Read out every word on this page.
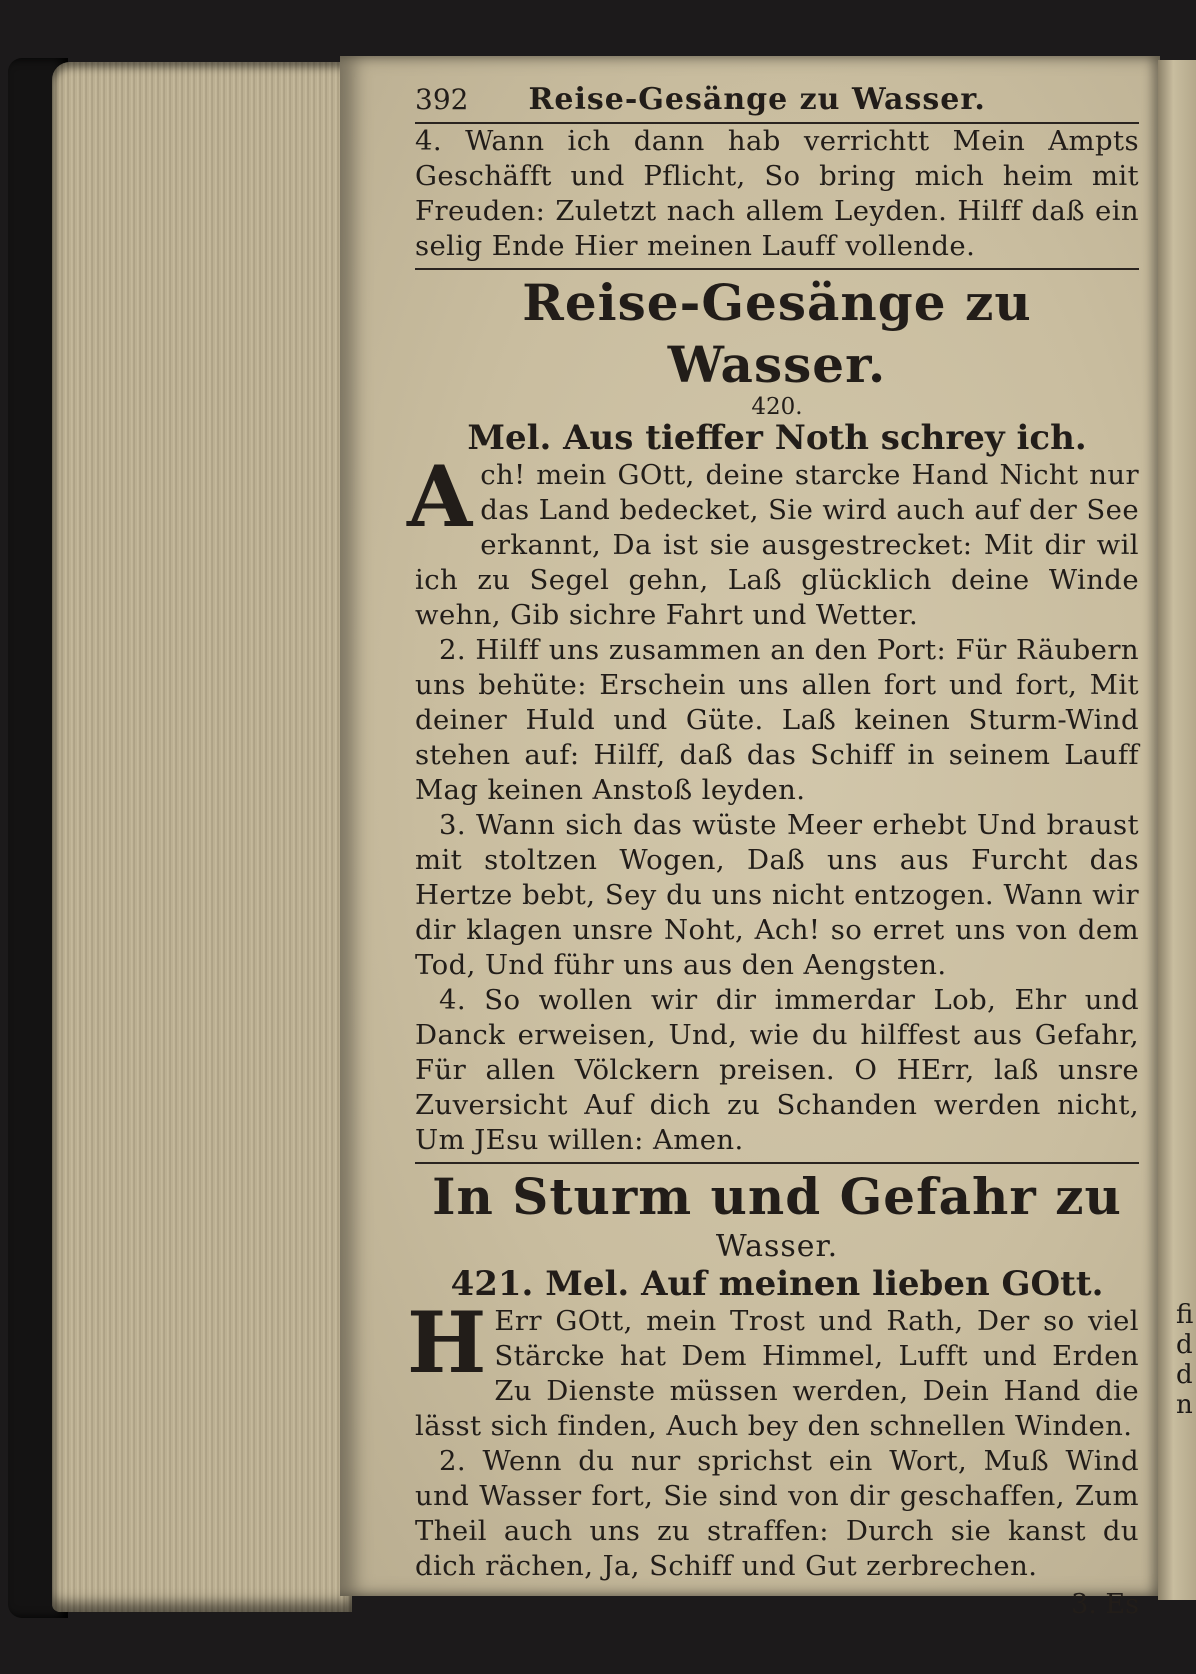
fi
d
d
n
392 Reise-Gesänge zu Wasser.

4. Wann ich dann hab verrichtt Mein Ampts Geschäfft und Pflicht, So bring mich heim mit Freuden: Zuletzt nach allem Leyden. Hilff daß ein selig Ende Hier meinen Lauff vollende.

Reise-Gesänge zu Wasser.
420.
Mel. Aus tieffer Noth schrey ich.
A ch! mein GOtt, deine starcke Hand Nicht nur das Land bedecket, Sie wird auch auf der See erkannt, Da ist sie ausgestrecket: Mit dir wil ich zu Segel gehn, Laß glücklich deine Winde wehn, Gib sichre Fahrt und Wetter.

2. Hilff uns zusammen an den Port: Für Räubern uns behüte: Erschein uns allen fort und fort, Mit deiner Huld und Güte. Laß keinen Sturm-Wind stehen auf: Hilff, daß das Schiff in seinem Lauff Mag keinen Anstoß leyden.

3. Wann sich das wüste Meer erhebt Und braust mit stoltzen Wogen, Daß uns aus Furcht das Hertze bebt, Sey du uns nicht entzogen. Wann wir dir klagen unsre Noht, Ach! so erret uns von dem Tod, Und führ uns aus den Aengsten.

4. So wollen wir dir immerdar Lob, Ehr und Danck erweisen, Und, wie du hilffest aus Gefahr, Für allen Völckern preisen. O HErr, laß unsre Zuversicht Auf dich zu Schanden werden nicht, Um JEsu willen: Amen.

In Sturm und Gefahr zu
Wasser.
421. Mel. Auf meinen lieben GOtt.
H Err GOtt, mein Trost und Rath, Der so viel Stärcke hat Dem Himmel, Lufft und Erden Zu Dienste müssen werden, Dein Hand die lässt sich finden, Auch bey den schnellen Winden.

2. Wenn du nur sprichst ein Wort, Muß Wind und Wasser fort, Sie sind von dir geschaffen, Zum Theil auch uns zu straffen: Durch sie kanst du dich rächen, Ja, Schiff und Gut zerbrechen.

3. Es
